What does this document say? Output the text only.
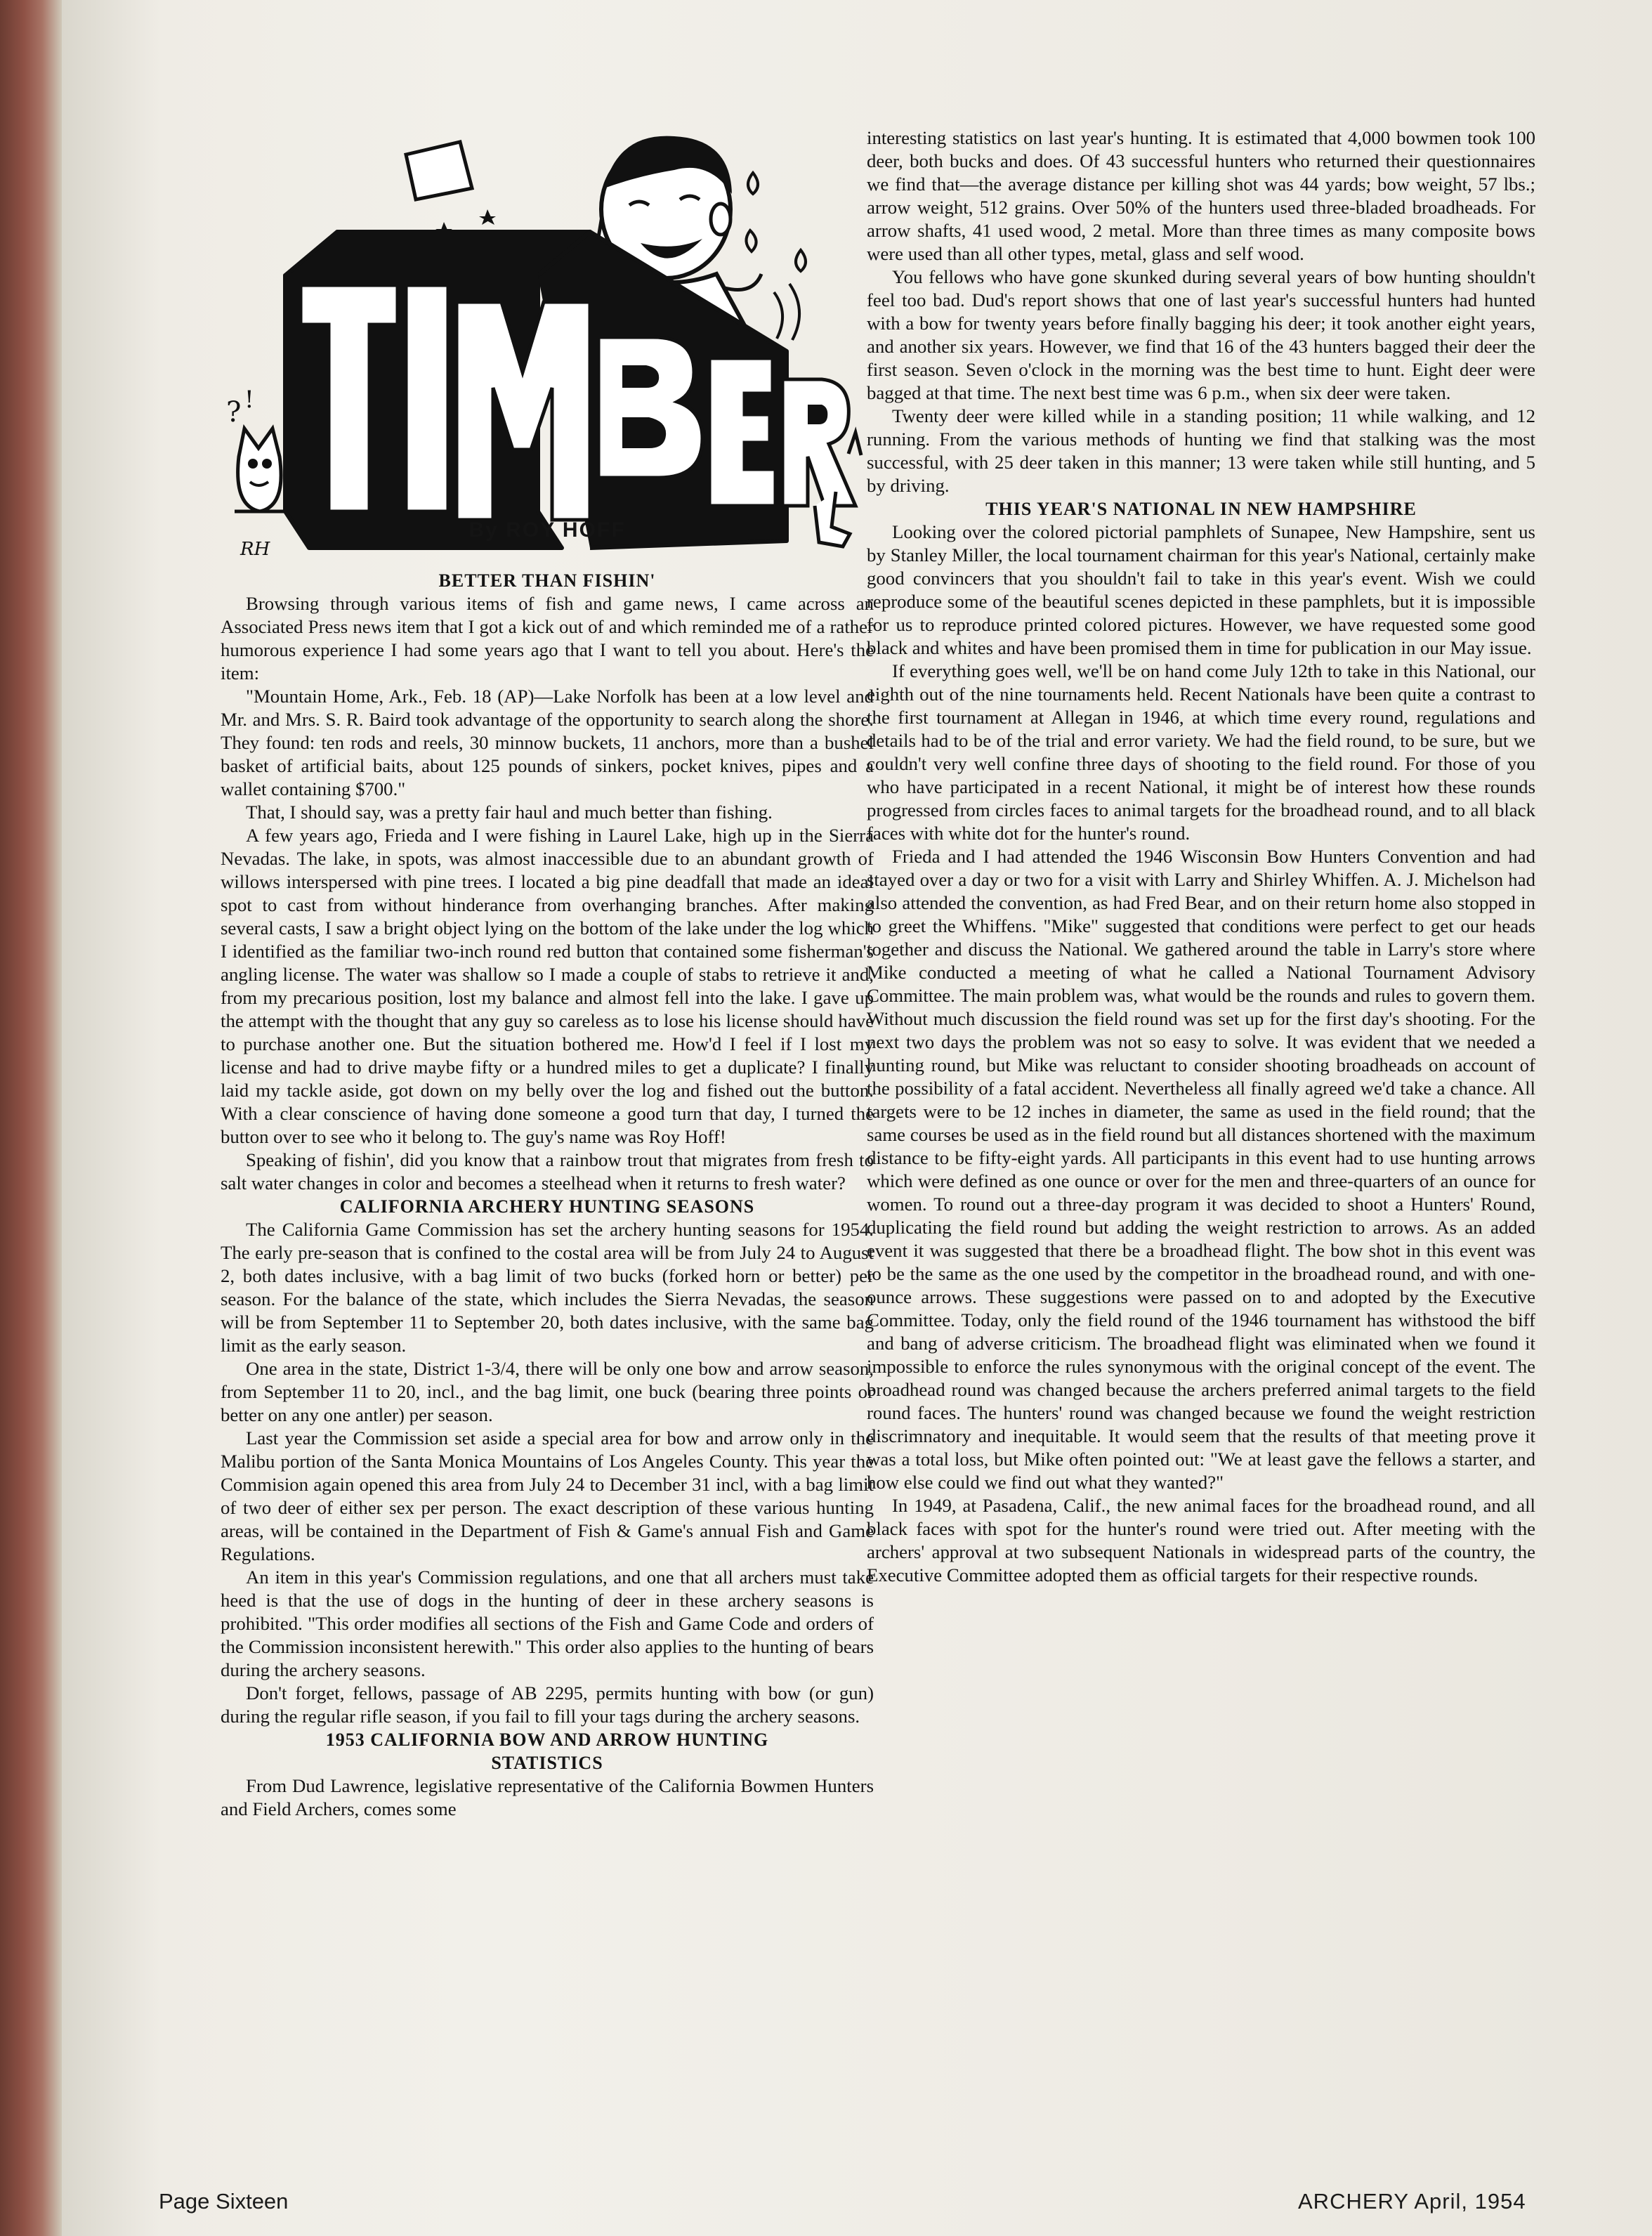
? !
RH
By ROY HOFF
BETTER THAN FISHIN'

Browsing through various items of fish and game news, I came across an Associated Press news item that I got a kick out of and which reminded me of a rather humorous experience I had some years ago that I want to tell you about. Here's the item:

"Mountain Home, Ark., Feb. 18 (AP)—Lake Norfolk has been at a low level and Mr. and Mrs. S. R. Baird took advantage of the opportunity to search along the shore. They found: ten rods and reels, 30 minnow buckets, 11 anchors, more than a bushel basket of artificial baits, about 125 pounds of sinkers, pocket knives, pipes and a wallet containing $700."

That, I should say, was a pretty fair haul and much better than fishing.

A few years ago, Frieda and I were fishing in Laurel Lake, high up in the Sierra Nevadas. The lake, in spots, was almost inaccessible due to an abundant growth of willows interspersed with pine trees. I located a big pine deadfall that made an ideal spot to cast from without hinderance from overhanging branches. After making several casts, I saw a bright object lying on the bottom of the lake under the log which I identified as the familiar two-inch round red button that contained some fisherman's angling license. The water was shallow so I made a couple of stabs to retrieve it and, from my precarious position, lost my balance and almost fell into the lake. I gave up the attempt with the thought that any guy so careless as to lose his license should have to purchase another one. But the situation bothered me. How'd I feel if I lost my license and had to drive maybe fifty or a hundred miles to get a duplicate? I finally laid my tackle aside, got down on my belly over the log and fished out the button. With a clear conscience of having done someone a good turn that day, I turned the button over to see who it belong to. The guy's name was Roy Hoff!

Speaking of fishin', did you know that a rainbow trout that migrates from fresh to salt water changes in color and becomes a steelhead when it returns to fresh water?

CALIFORNIA ARCHERY HUNTING SEASONS

The California Game Commission has set the archery hunting seasons for 1954. The early pre-season that is confined to the costal area will be from July 24 to August 2, both dates inclusive, with a bag limit of two bucks (forked horn or better) per season. For the balance of the state, which includes the Sierra Nevadas, the season will be from September 11 to September 20, both dates inclusive, with the same bag limit as the early season.

One area in the state, District 1-3/4, there will be only one bow and arrow season, from September 11 to 20, incl., and the bag limit, one buck (bearing three points or better on any one antler) per season.

Last year the Commission set aside a special area for bow and arrow only in the Malibu portion of the Santa Monica Mountains of Los Angeles County. This year the Commision again opened this area from July 24 to December 31 incl, with a bag limit of two deer of either sex per person. The exact description of these various hunting areas, will be contained in the Department of Fish & Game's annual Fish and Game Regulations.

An item in this year's Commission regulations, and one that all archers must take heed is that the use of dogs in the hunting of deer in these archery seasons is prohibited. "This order modifies all sections of the Fish and Game Code and orders of the Commission inconsistent herewith." This order also applies to the hunting of bears during the archery seasons.

Don't forget, fellows, passage of AB 2295, permits hunting with bow (or gun) during the regular rifle season, if you fail to fill your tags during the archery seasons.

1953 CALIFORNIA BOW AND ARROW HUNTING
STATISTICS

From Dud Lawrence, legislative representative of the California Bowmen Hunters and Field Archers, comes some

interesting statistics on last year's hunting. It is estimated that 4,000 bowmen took 100 deer, both bucks and does. Of 43 successful hunters who returned their questionnaires we find that—the average distance per killing shot was 44 yards; bow weight, 57 lbs.; arrow weight, 512 grains. Over 50% of the hunters used three-bladed broadheads. For arrow shafts, 41 used wood, 2 metal. More than three times as many composite bows were used than all other types, metal, glass and self wood.

You fellows who have gone skunked during several years of bow hunting shouldn't feel too bad. Dud's report shows that one of last year's successful hunters had hunted with a bow for twenty years before finally bagging his deer; it took another eight years, and another six years. However, we find that 16 of the 43 hunters bagged their deer the first season. Seven o'clock in the morning was the best time to hunt. Eight deer were bagged at that time. The next best time was 6 p.m., when six deer were taken.

Twenty deer were killed while in a standing position; 11 while walking, and 12 running. From the various methods of hunting we find that stalking was the most successful, with 25 deer taken in this manner; 13 were taken while still hunting, and 5 by driving.

THIS YEAR'S NATIONAL IN NEW HAMPSHIRE

Looking over the colored pictorial pamphlets of Sunapee, New Hampshire, sent us by Stanley Miller, the local tournament chairman for this year's National, certainly make good convincers that you shouldn't fail to take in this year's event. Wish we could reproduce some of the beautiful scenes depicted in these pamphlets, but it is impossible for us to reproduce printed colored pictures. However, we have requested some good black and whites and have been promised them in time for publication in our May issue.

If everything goes well, we'll be on hand come July 12th to take in this National, our eighth out of the nine tournaments held. Recent Nationals have been quite a contrast to the first tournament at Allegan in 1946, at which time every round, regulations and details had to be of the trial and error variety. We had the field round, to be sure, but we couldn't very well confine three days of shooting to the field round. For those of you who have participated in a recent National, it might be of interest how these rounds progressed from circles faces to animal targets for the broadhead round, and to all black faces with white dot for the hunter's round.

Frieda and I had attended the 1946 Wisconsin Bow Hunters Convention and had stayed over a day or two for a visit with Larry and Shirley Whiffen. A. J. Michelson had also attended the convention, as had Fred Bear, and on their return home also stopped in to greet the Whiffens. "Mike" suggested that conditions were perfect to get our heads together and discuss the National. We gathered around the table in Larry's store where Mike conducted a meeting of what he called a National Tournament Advisory Committee. The main problem was, what would be the rounds and rules to govern them. Without much discussion the field round was set up for the first day's shooting. For the next two days the problem was not so easy to solve. It was evident that we needed a hunting round, but Mike was reluctant to consider shooting broadheads on account of the possibility of a fatal accident. Nevertheless all finally agreed we'd take a chance. All targets were to be 12 inches in diameter, the same as used in the field round; that the same courses be used as in the field round but all distances shortened with the maximum distance to be fifty-eight yards. All participants in this event had to use hunting arrows which were defined as one ounce or over for the men and three-quarters of an ounce for women. To round out a three-day program it was decided to shoot a Hunters' Round, duplicating the field round but adding the weight restriction to arrows. As an added event it was suggested that there be a broadhead flight. The bow shot in this event was to be the same as the one used by the competitor in the broadhead round, and with one-ounce arrows. These suggestions were passed on to and adopted by the Executive Committee. Today, only the field round of the 1946 tournament has withstood the biff and bang of adverse criticism. The broadhead flight was eliminated when we found it impossible to enforce the rules synonymous with the original concept of the event. The broadhead round was changed because the archers preferred animal targets to the field round faces. The hunters' round was changed because we found the weight restriction discrimnatory and inequitable. It would seem that the results of that meeting prove it was a total loss, but Mike often pointed out: "We at least gave the fellows a starter, and how else could we find out what they wanted?"

In 1949, at Pasadena, Calif., the new animal faces for the broadhead round, and all black faces with spot for the hunter's round were tried out. After meeting with the archers' approval at two subsequent Nationals in widespread parts of the country, the Executive Committee adopted them as official targets for their respective rounds.

Page Sixteen	ARCHERY April, 1954
